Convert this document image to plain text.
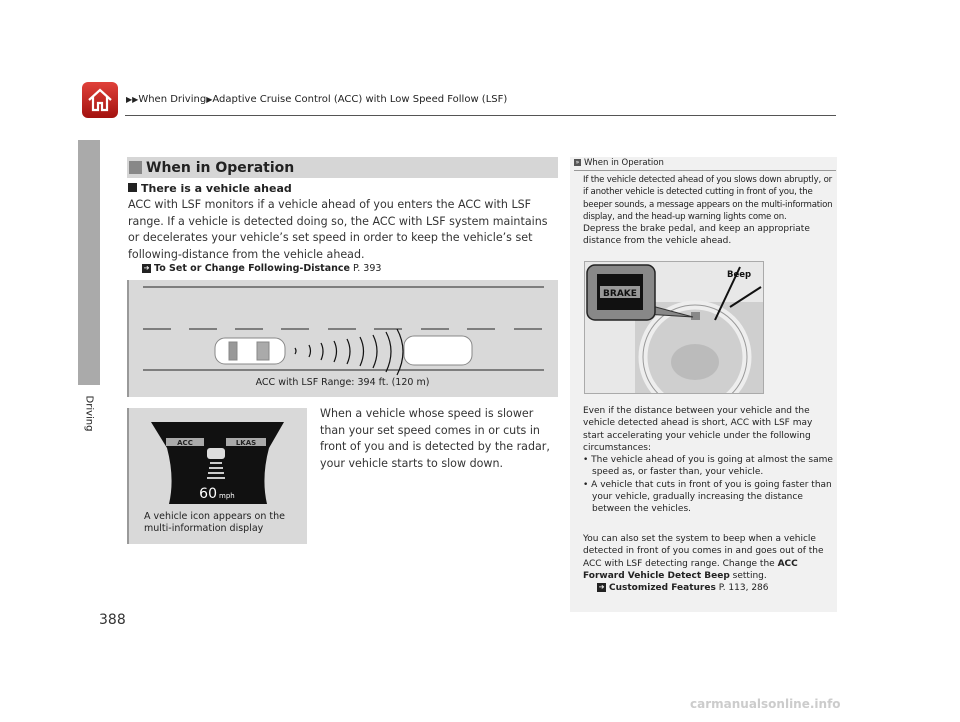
▶▶When Driving▶Adaptive Cruise Control (ACC) with Low Speed Follow (LSF)
Driving
When in Operation
There is a vehicle ahead
ACC with LSF monitors if a vehicle ahead of you enters the ACC with LSF range. If a vehicle is detected doing so, the ACC with LSF system maintains or decelerates your vehicle’s set speed in order to keep the vehicle’s set following-distance from the vehicle ahead.
➔ To Set or Change Following-Distance P. 393
ACC with LSF Range: 394 ft. (120 m)
ACC	LKAS
60 mph
A vehicle icon appears on the
multi-information display
When a vehicle whose speed is slower than your set speed comes in or cuts in front of you and is detected by the radar, your vehicle starts to slow down.
» When in Operation
If the vehicle detected ahead of you slows down abruptly, or if another vehicle is detected cutting in front of you, the beeper sounds, a message appears on the multi-information display, and the head-up warning lights come on.
Depress the brake pedal, and keep an appropriate distance from the vehicle ahead.
BRAKE
Beep
Even if the distance between your vehicle and the vehicle detected ahead is short, ACC with LSF may start accelerating your vehicle under the following circumstances:
• The vehicle ahead of you is going at almost the same speed as, or faster than, your vehicle.
• A vehicle that cuts in front of you is going faster than your vehicle, gradually increasing the distance between the vehicles.
You can also set the system to beep when a vehicle detected in front of you comes in and goes out of the ACC with LSF detecting range. Change the ACC Forward Vehicle Detect Beep setting.
➔ Customized Features P. 113, 286
388
carmanualsonline.info
